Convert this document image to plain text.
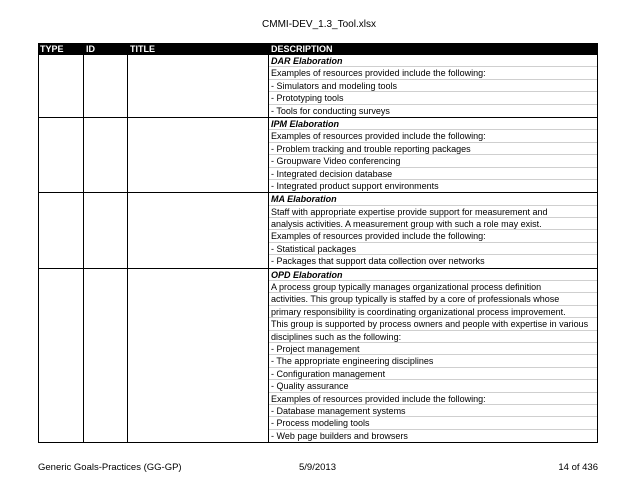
CMMI-DEV_1.3_Tool.xlsx
TYPE	ID	TITLE	DESCRIPTION
DAR Elaboration
Examples of resources provided include the following:
- Simulators and modeling tools
- Prototyping tools
- Tools for conducting surveys
IPM Elaboration
Examples of resources provided include the following:
- Problem tracking and trouble reporting packages
- Groupware Video conferencing
- Integrated decision database
- Integrated product support environments
MA Elaboration
Staff with appropriate expertise provide support for measurement and
analysis activities. A measurement group with such a role may exist.
Examples of resources provided include the following:
- Statistical packages
- Packages that support data collection over networks
OPD Elaboration
A process group typically manages organizational process definition
activities. This group typically is staffed by a core of professionals whose
primary responsibility is coordinating organizational process improvement.
This group is supported by process owners and people with expertise in various
disciplines such as the following:
- Project management
- The appropriate engineering disciplines
- Configuration management
- Quality assurance
Examples of resources provided include the following:
- Database management systems
- Process modeling tools
- Web page builders and browsers
Generic Goals-Practices (GG-GP)	5/9/2013	14 of 436
